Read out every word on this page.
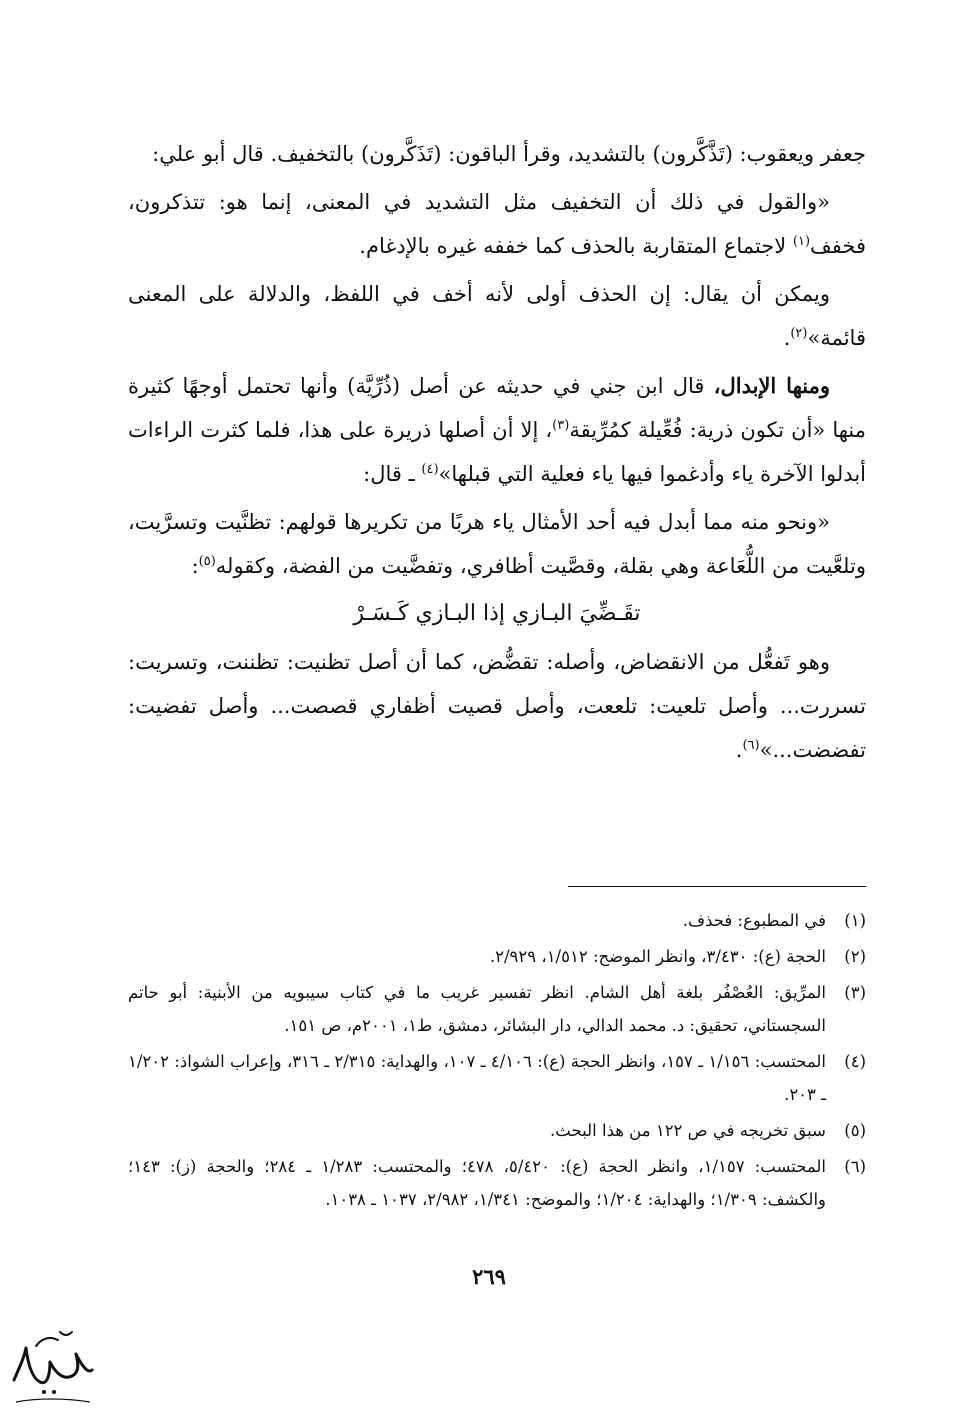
جعفر ويعقوب: (تَذَّكَّرون) بالتشديد، وقرأ الباقون: (تَذَكَّرون) بالتخفيف. قال أبو علي:

«والقول في ذلك أن التخفيف مثل التشديد في المعنى، إنما هو: تتذكرون، فخفف$^{(١)}$ لاجتماع المتقاربة بالحذف كما خففه غيره بالإدغام.

ويمكن أن يقال: إن الحذف أولى لأنه أخف في اللفظ، والدلالة على المعنى قائمة»$^{(٢)}$.

ومنها الإبدال، قال ابن جني في حديثه عن أصل (ذُرِّيَّة) وأنها تحتمل أوجهًا كثيرة منها «أن تكون ذرية: فُعِّيلة كمُرِّيقة$^{(٣)}$، إلا أن أصلها ذريرة على هذا، فلما كثرت الراءات أبدلوا الآخرة ياء وأدغموا فيها ياء فعلية التي قبلها»$^{(٤)}$ ـ قال:

«ونحو منه مما أبدل فيه أحد الأمثال ياء هربًا من تكريرها قولهم: تظنَّيت وتسرَّيت، وتلعَّيت من اللُّعَاعة وهي بقلة، وقصَّيت أظافري، وتفضَّيت من الفضة، وكقوله$^{(٥)}$:

تقَـضِّيَ البـازي إذا البـازي كَـسَـرْ

وهو تَفعُّل من الانقضاض، وأصله: تقضُّض، كما أن أصل تظنيت: تظننت، وتسريت: تسررت... وأصل تلعيت: تلععت، وأصل قصيت أظفاري قصصت... وأصل تفضيت: تفضضت...»$^{(٦)}$.

(١)
في المطبوع: فحذف.
(٢)
الحجة (ع): ٣/٤٣٠، وانظر الموضح: ١/٥١٢، ٢/٩٢٩.
(٣)
المرِّيق: العُصْفُر بلغة أهل الشام. انظر تفسير غريب ما في كتاب سيبويه من الأبنية: أبو حاتم السجستاني، تحقيق: د. محمد الدالي، دار البشائر، دمشق، ط١، ٢٠٠١م، ص ١٥١.
(٤)
المحتسب: ١/١٥٦ ـ ١٥٧، وانظر الحجة (ع): ٤/١٠٦ ـ ١٠٧، والهداية: ٢/٣١٥ ـ ٣١٦، وإعراب الشواذ: ١/٢٠٢ ـ ٢٠٣.
(٥)
سبق تخريجه في ص ١٢٢ من هذا البحث.
(٦)
المحتسب: ١/١٥٧، وانظر الحجة (ع): ٥/٤٢٠، ٤٧٨؛ والمحتسب: ١/٢٨٣ ـ ٢٨٤؛ والحجة (ز): ١٤٣؛ والكشف: ١/٣٠٩؛ والهداية: ١/٢٠٤؛ والموضح: ١/٣٤١، ٢/٩٨٢، ١٠٣٧ ـ ١٠٣٨.
٢٦٩
